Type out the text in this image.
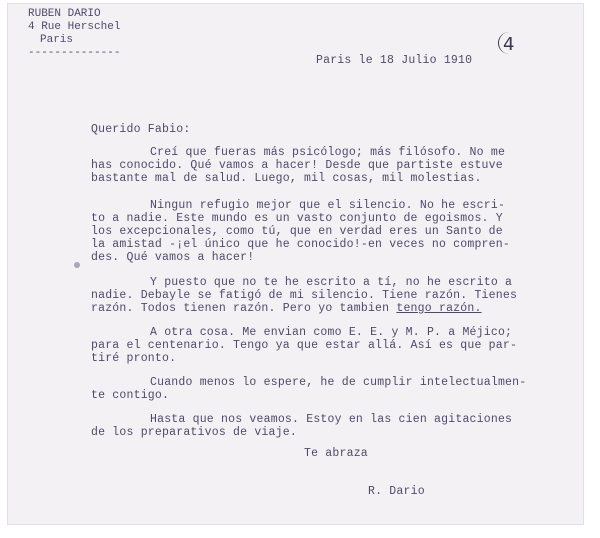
RUBEN DARIO
4 Rue Herschel
Paris
--------------	4
Paris le 18 Julio 1910
Querido Fabio:
Creí que fueras más psicólogo; más filósofo. No me
has conocido. Qué vamos a hacer! Desde que partiste estuve
bastante mal de salud. Luego, mil cosas, mil molestias.
Ningun refugio mejor que el silencio. No he escri-
to a nadie. Este mundo es un vasto conjunto de egoismos. Y
los excepcionales, como tú, que en verdad eres un Santo de
la amistad -¡el único que he conocido!-en veces no compren-
des. Qué vamos a hacer!
Y puesto que no te he escrito a tí, no he escrito a
nadie. Debayle se fatigó de mi silencio. Tiene razón. Tienes
razón. Todos tienen razón. Pero yo tambien tengo razón.
A otra cosa. Me envian como E. E. y M. P. a Méjico;
para el centenario. Tengo ya que estar allá. Así es que par-
tiré pronto.
Cuando menos lo espere, he de cumplir intelectualmen-
te contigo.
Hasta que nos veamos. Estoy en las cien agitaciones
de los preparativos de viaje.
Te abraza
R. Dario
